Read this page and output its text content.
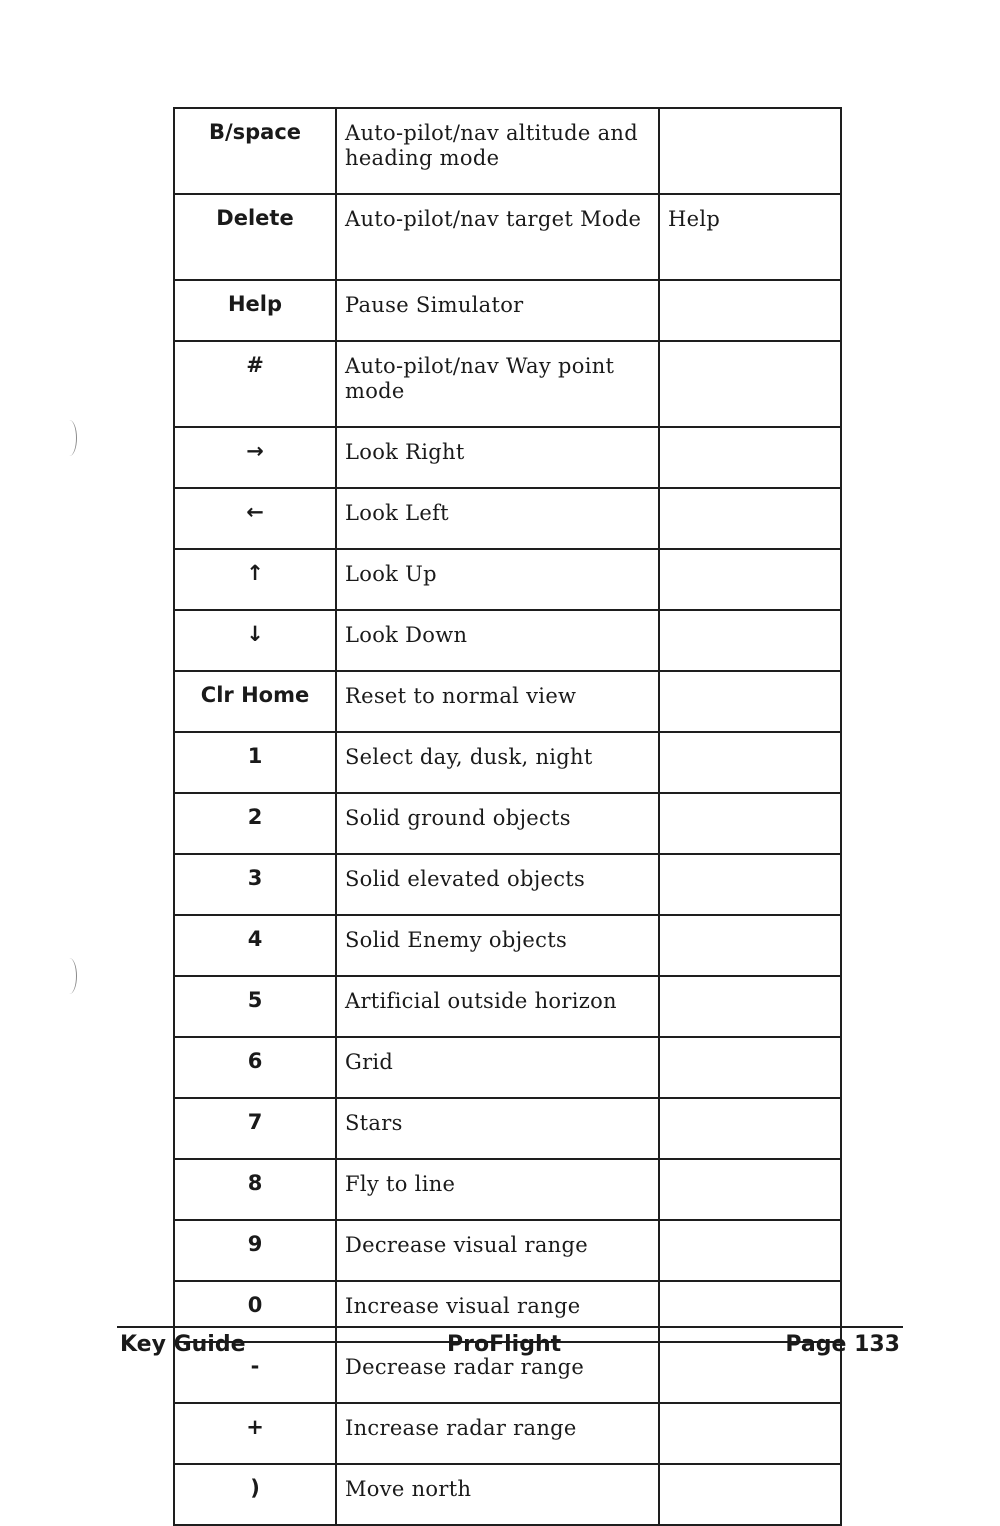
B/space	Auto-pilot/nav altitude and heading mode	
Delete	Auto-pilot/nav target Mode	Help
Help	Pause Simulator	
#	Auto-pilot/nav Way point mode	
→	Look Right	
←	Look Left	
↑	Look Up	
↓	Look Down	
Clr Home	Reset to normal view	
1	Select day, dusk, night	
2	Solid ground objects	
3	Solid elevated objects	
4	Solid Enemy objects	
5	Artificial outside horizon	
6	Grid	
7	Stars	
8	Fly to line	
9	Decrease visual range	
0	Increase visual range	
-	Decrease radar range	
+	Increase radar range	
)	Move north	
Key Guide	ProFlight	Page 133
